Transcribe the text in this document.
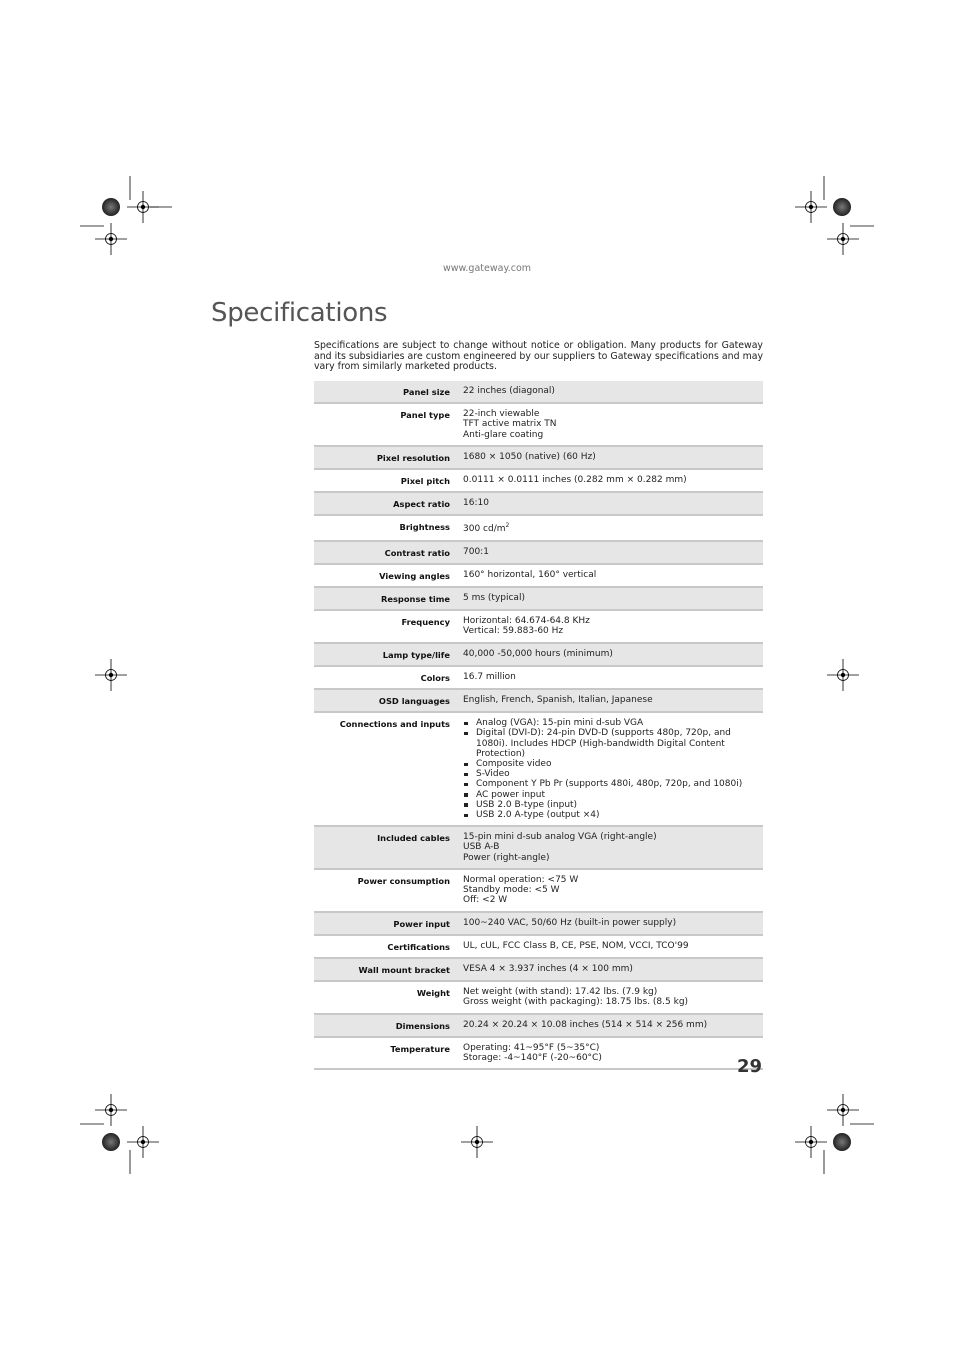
www.gateway.com
Specifications

Specifications are subject to change without notice or obligation. Many products for Gateway and its subsidiaries are custom engineered by our suppliers to Gateway specifications and may vary from similarly marketed products.

Panel size 22 inches (diagonal)
Panel type 22-inch viewable
TFT active matrix TN
Anti-glare coating
Pixel resolution 1680 × 1050 (native) (60 Hz)
Pixel pitch 0.0111 × 0.0111 inches (0.282 mm × 0.282 mm)
Aspect ratio 16:10
Brightness 300 $cd/m^2$
Contrast ratio 700:1
Viewing angles 160° horizontal, 160° vertical
Response time 5 ms (typical)
Frequency Horizontal: 64.674-64.8 KHz
Vertical: 59.883-60 Hz
Lamp type/life 40,000 -50,000 hours (minimum)
Colors 16.7 million
OSD languages English, French, Spanish, Italian, Japanese
Connections and inputs	Analog (VGA): 15-pin mini d-sub VGA
Digital (DVI-D): 24-pin DVD-D (supports 480p, 720p, and 1080i). Includes HDCP (High-bandwidth Digital Content Protection)
Composite video
S-Video
Component Y Pb Pr (supports 480i, 480p, 720p, and 1080i)
AC power input
USB 2.0 B-type (input)
USB 2.0 A-type (output ×4)
Included cables 15-pin mini d-sub analog VGA (right-angle)
USB A-B
Power (right-angle)
Power consumption Normal operation: <75 W
Standby mode: <5 W
Off: <2 W
Power input 100~240 VAC, 50/60 Hz (built-in power supply)
Certifications UL, cUL, FCC Class B, CE, PSE, NOM, VCCI, TCO'99
Wall mount bracket VESA 4 × 3.937 inches (4 × 100 mm)
Weight Net weight (with stand): 17.42 lbs. (7.9 kg)
Gross weight (with packaging): 18.75 lbs. (8.5 kg)
Dimensions 20.24 × 20.24 × 10.08 inches (514 × 514 × 256 mm)
Temperature Operating: 41~95°F (5~35°C)
Storage: -4~140°F (-20~60°C)	29
